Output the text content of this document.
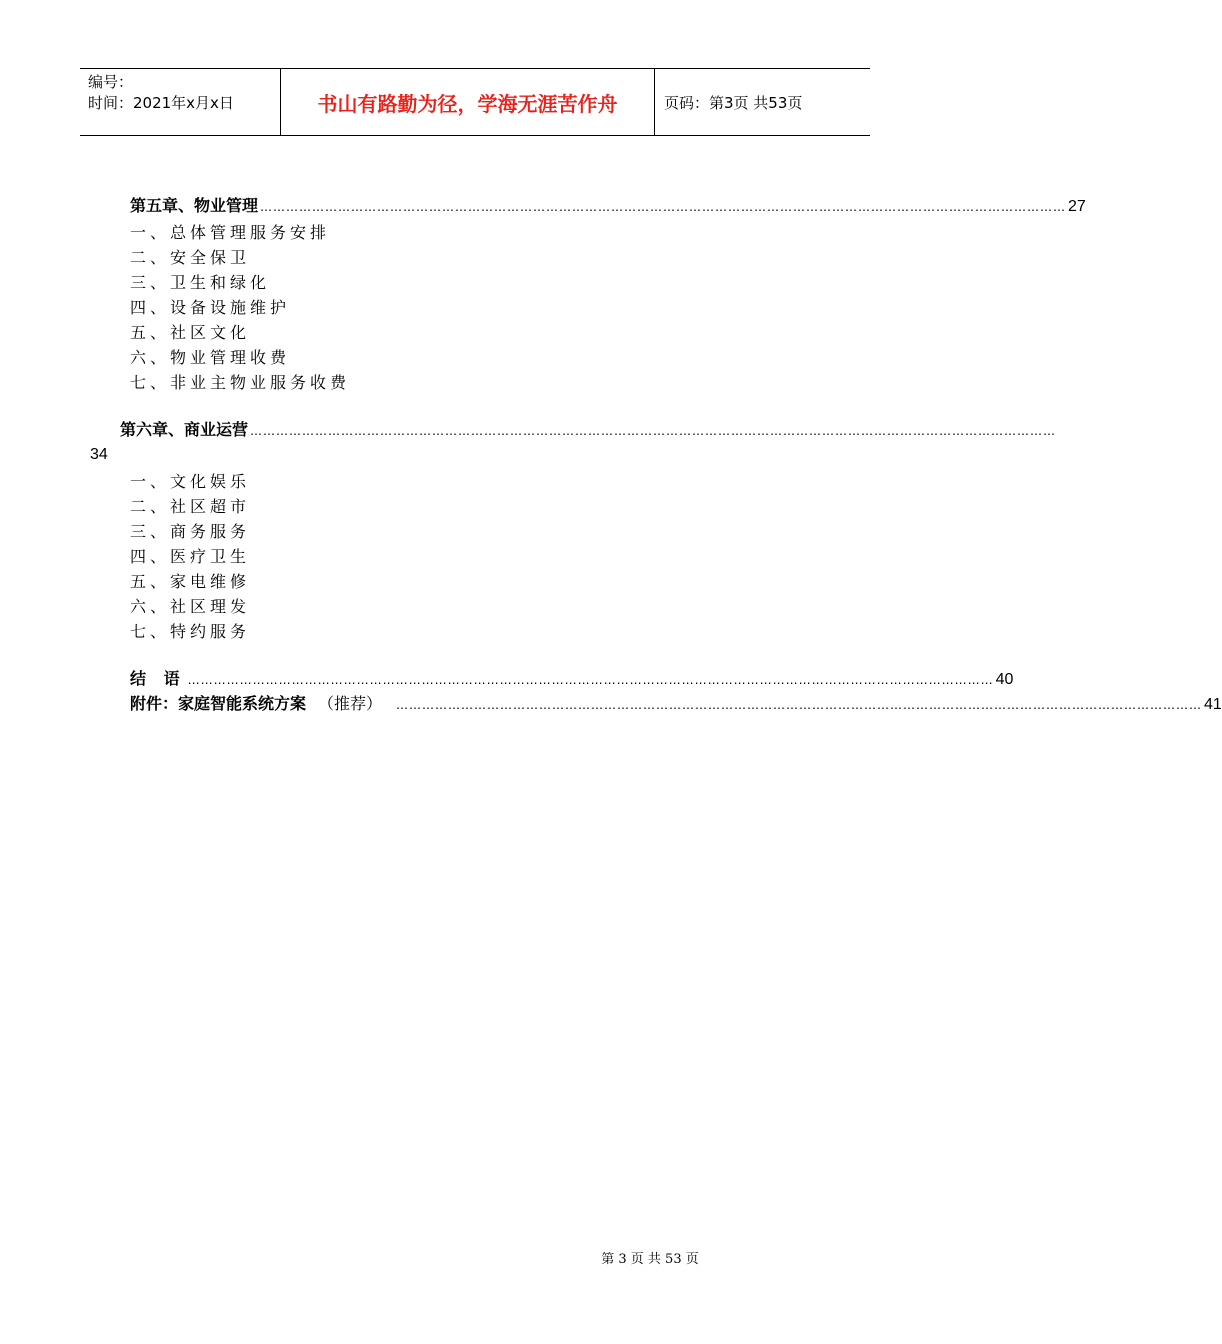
编号：
时间：2021年x月x日	书山有路勤为径，学海无涯苦作舟	页码：第3页 共53页
第五章、物业管理 …………………………………………………………………………………………………………………………………………………………………… 27
一、总体管理服务安排
二、安全保卫
三、卫生和绿化
四、设备设施维护
五、社区文化
六、物业管理收费
七、非业主物业服务收费
第六章、商业运营 ……………………………………………………………………………………………………………………………………………………………………
34
一、文化娱乐
二、社区超市
三、商务服务
四、医疗卫生
五、家电维修
六、社区理发
七、特约服务
结 语 …………………………………………………………………………………………………………………………………………………………………… 40
附件：家庭智能系统方案 （推荐） …………………………………………………………………………………………………………………………………………………………………… 41
第 3 页 共 53 页
